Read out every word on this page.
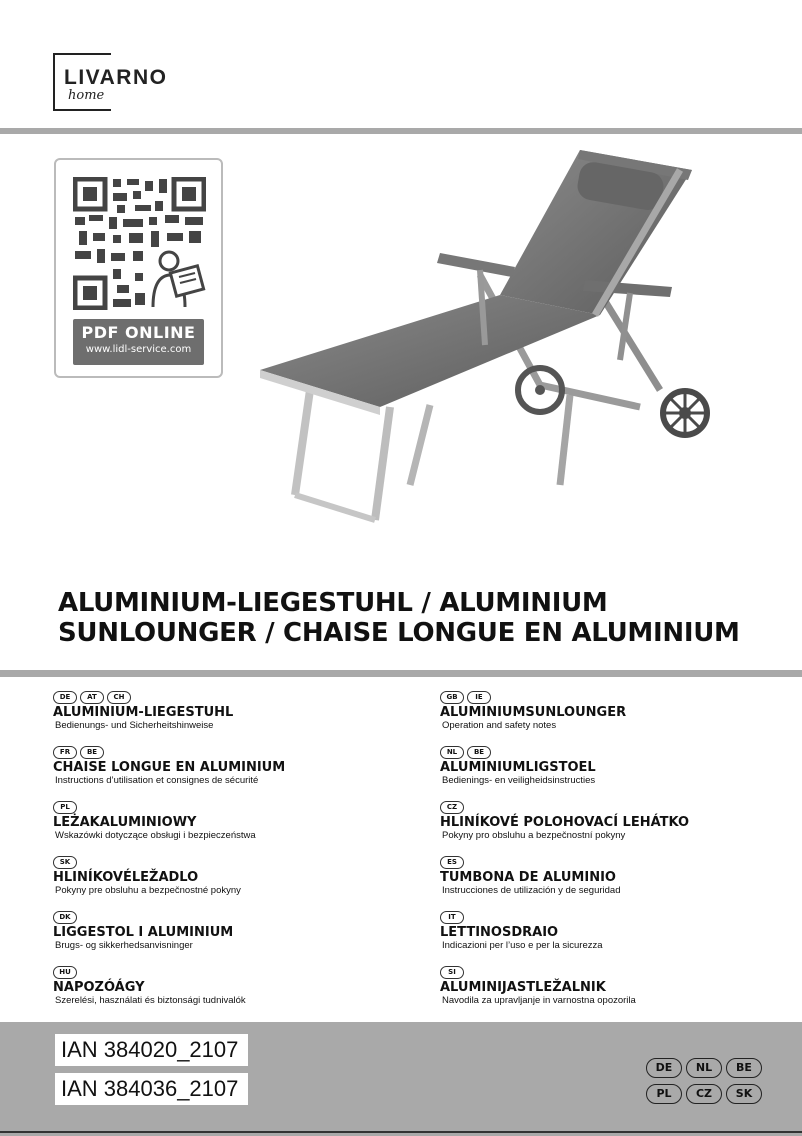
LIVARNO
home
PDF ONLINE
www.lidl-service.com
ALUMINIUM-LIEGESTUHL / ALUMINIUM
SUNLOUNGER / CHAISE LONGUE EN ALUMINIUM
DE	AT	CH
ALUMINIUM-LIEGESTUHL
Bedienungs- und Sicherheitshinweise
FR	BE
CHAISE LONGUE EN ALUMINIUM
Instructions d’utilisation et consignes de sécurité
PL
LEŻAKALUMINIOWY
Wskazówki dotyczące obsługi i bezpieczeństwa
SK
HLINÍKOVÉLEŽADLO
Pokyny pre obsluhu a bezpečnostné pokyny
DK
LIGGESTOL I ALUMINIUM
Brugs- og sikkerhedsanvisninger
HU
NAPOZÓÁGY
Szerelési, használati és biztonsági tudnivalók
GB	IE
ALUMINIUMSUNLOUNGER
Operation and safety notes
NL	BE
ALUMINIUMLIGSTOEL
Bedienings- en veiligheidsinstructies
CZ
HLINÍKOVÉ POLOHOVACÍ LEHÁTKO
Pokyny pro obsluhu a bezpečnostní pokyny
ES
TUMBONA DE ALUMINIO
Instrucciones de utilización y de seguridad
IT
LETTINOSDRAIO
Indicazioni per l’uso e per la sicurezza
SI
ALUMINIJASTLEŽALNIK
Navodila za upravljanje in varnostna opozorila
IAN 384020_2107
IAN 384036_2107
DE	NL	BE
PL	CZ	SK
